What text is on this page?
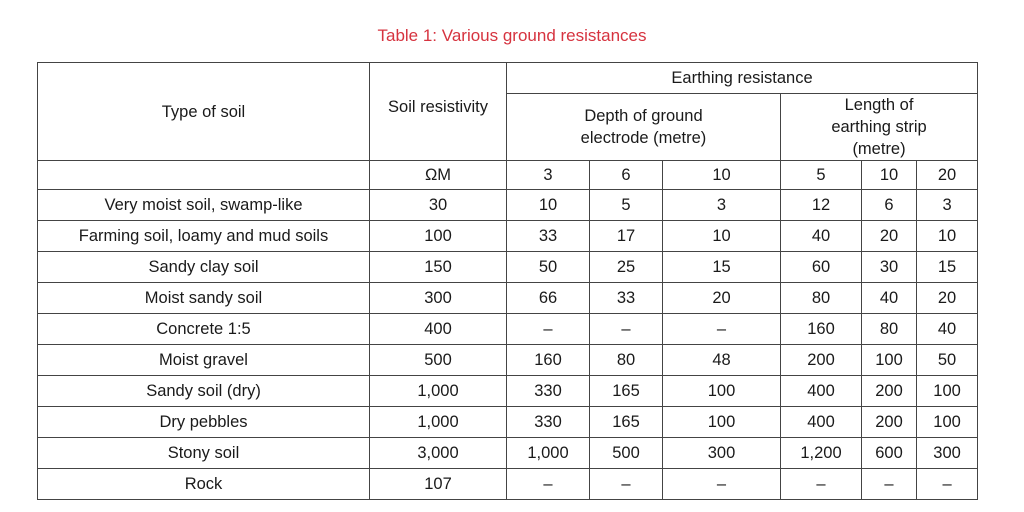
Table 1: Various ground resistances
Type of soil	Soil resistivity	Earthing resistance					
		Depth of ground electrode (metre)			Length of earthing strip (metre)		
	ΩM	3	6	10	5	10	20
Very moist soil, swamp-like	30	10	5	3	12	6	3
Farming soil, loamy and mud soils	100	33	17	10	40	20	10
Sandy clay soil	150	50	25	15	60	30	15
Moist sandy soil	300	66	33	20	80	40	20
Concrete 1:5	400	–	–	–	160	80	40
Moist gravel	500	160	80	48	200	100	50
Sandy soil (dry)	1,000	330	165	100	400	200	100
Dry pebbles	1,000	330	165	100	400	200	100
Stony soil	3,000	1,000	500	300	1,200	600	300
Rock	107	–	–	–	–	–	–
